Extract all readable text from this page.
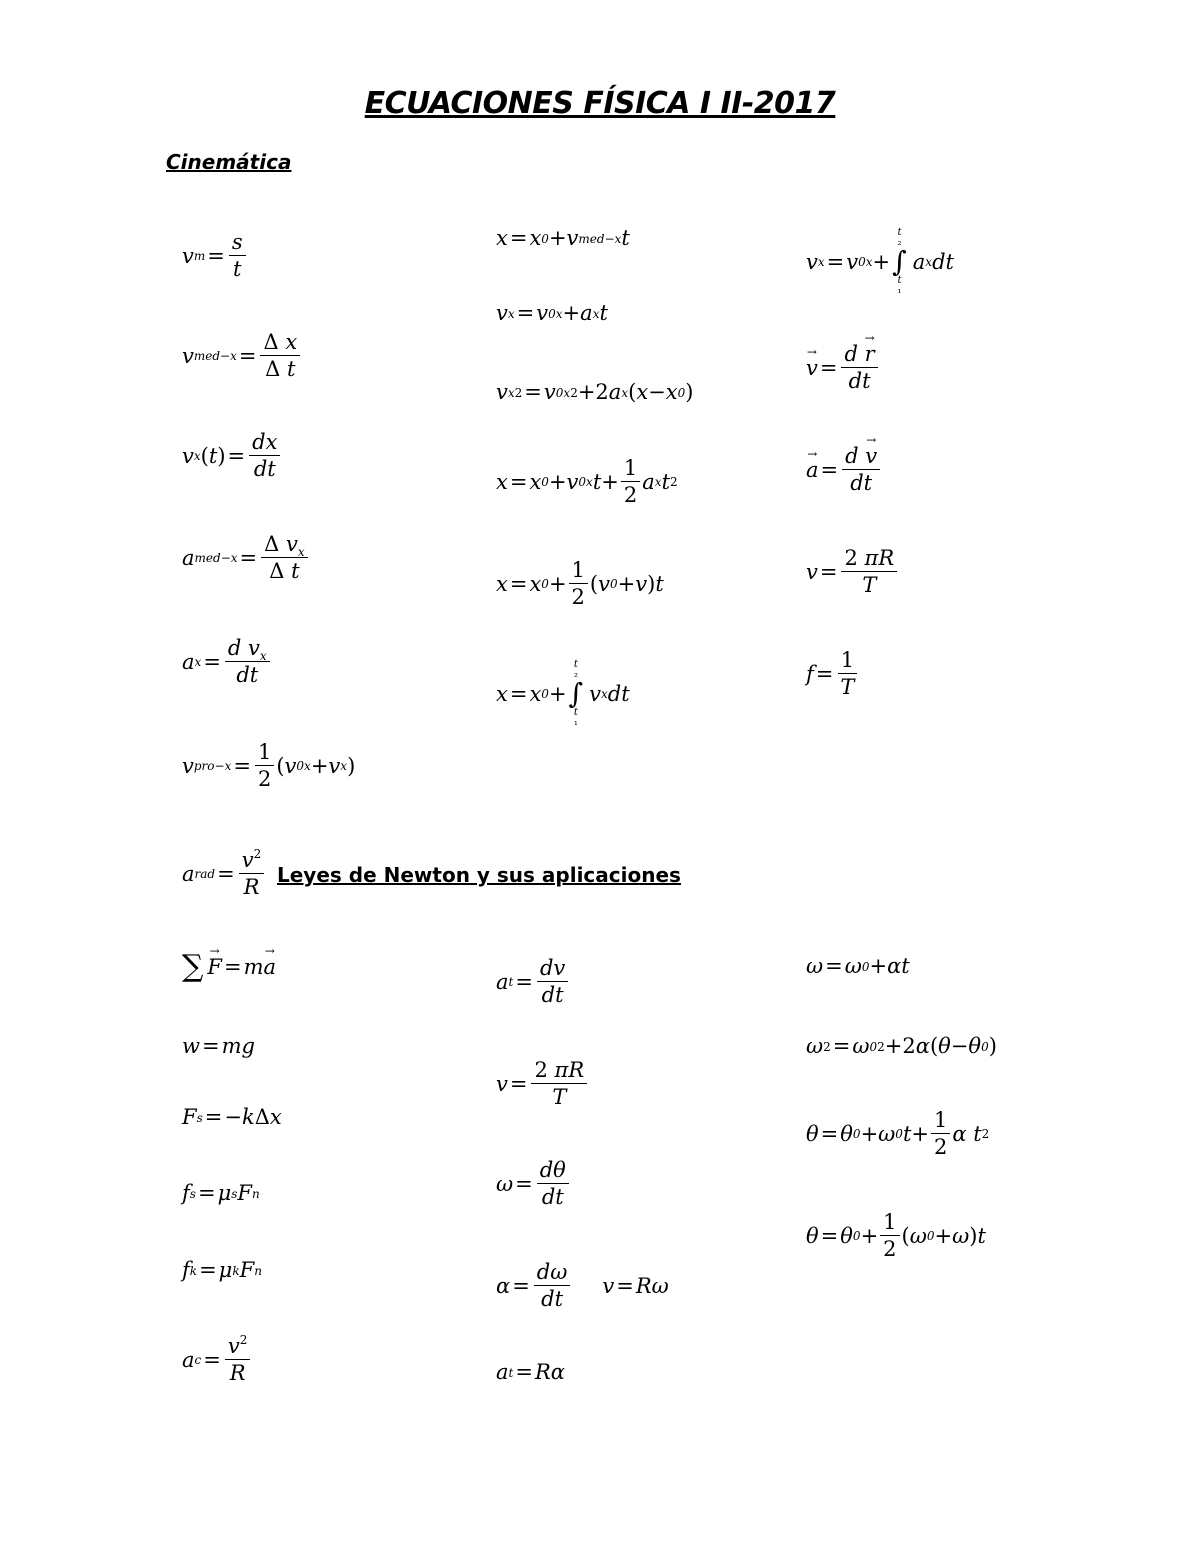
ECUACIONES FÍSICA I II-2017
Cinemática
v $m = \frac{s}{t}$
v $med-x = \frac{\text{Δ x}}{\text{Δ t}}$
v x ( t ) = $\frac{dx}{dt}$
a $med-x = \frac{\Delta v_x}{\text{Δ t}}$
a $x = \frac{d v_x}{dt}$
v $pro-x = \frac{1}{2}$ ( v 0x + v x )
a rad = $\frac{v^2}{R}$ Leyes de Newton y sus aplicaciones
x = x 0 + v med−x t
v x = v 0x + a x t
v x 2 = v 0x 2 +2 a x ( x − x 0 )
x = x 0 + v 0x $t + \frac{1}{2}$ a x t 2
x = x $0 + \frac{1}{2}$ ( v 0 + v ) t
x = x 0 +
t
₂
∫
t
₁
v x dt
v x = v 0x +
t
₂
∫
t
₁
a x dt
→ $v = \frac{d \to r}{dt}$
→ $a = \frac{d \to v}{dt}$
$v = \frac{2 \pi R}{T}$
$f = \frac{1}{T}$
∑ → F = m → a
w = mg
F s = − k Δ x
f s = μ s F n
f k = μ k F n
a $c = \frac{v^2}{R}$
a $t = \frac{dv}{dt}$
$v = \frac{2 \pi R}{T}$
$\omega = \frac{d\theta}{dt}$
$\alpha = \frac{d\omega}{dt}$ v = Rω
a t = Rα
ω = ω 0 + αt
ω 2 = ω 0 2 +2 α ( θ − θ 0 )
θ = θ 0 + ω 0 $t + \frac{1}{2}$ α t 2
θ = θ $0 + \frac{1}{2}$ ( ω 0 + ω ) t
